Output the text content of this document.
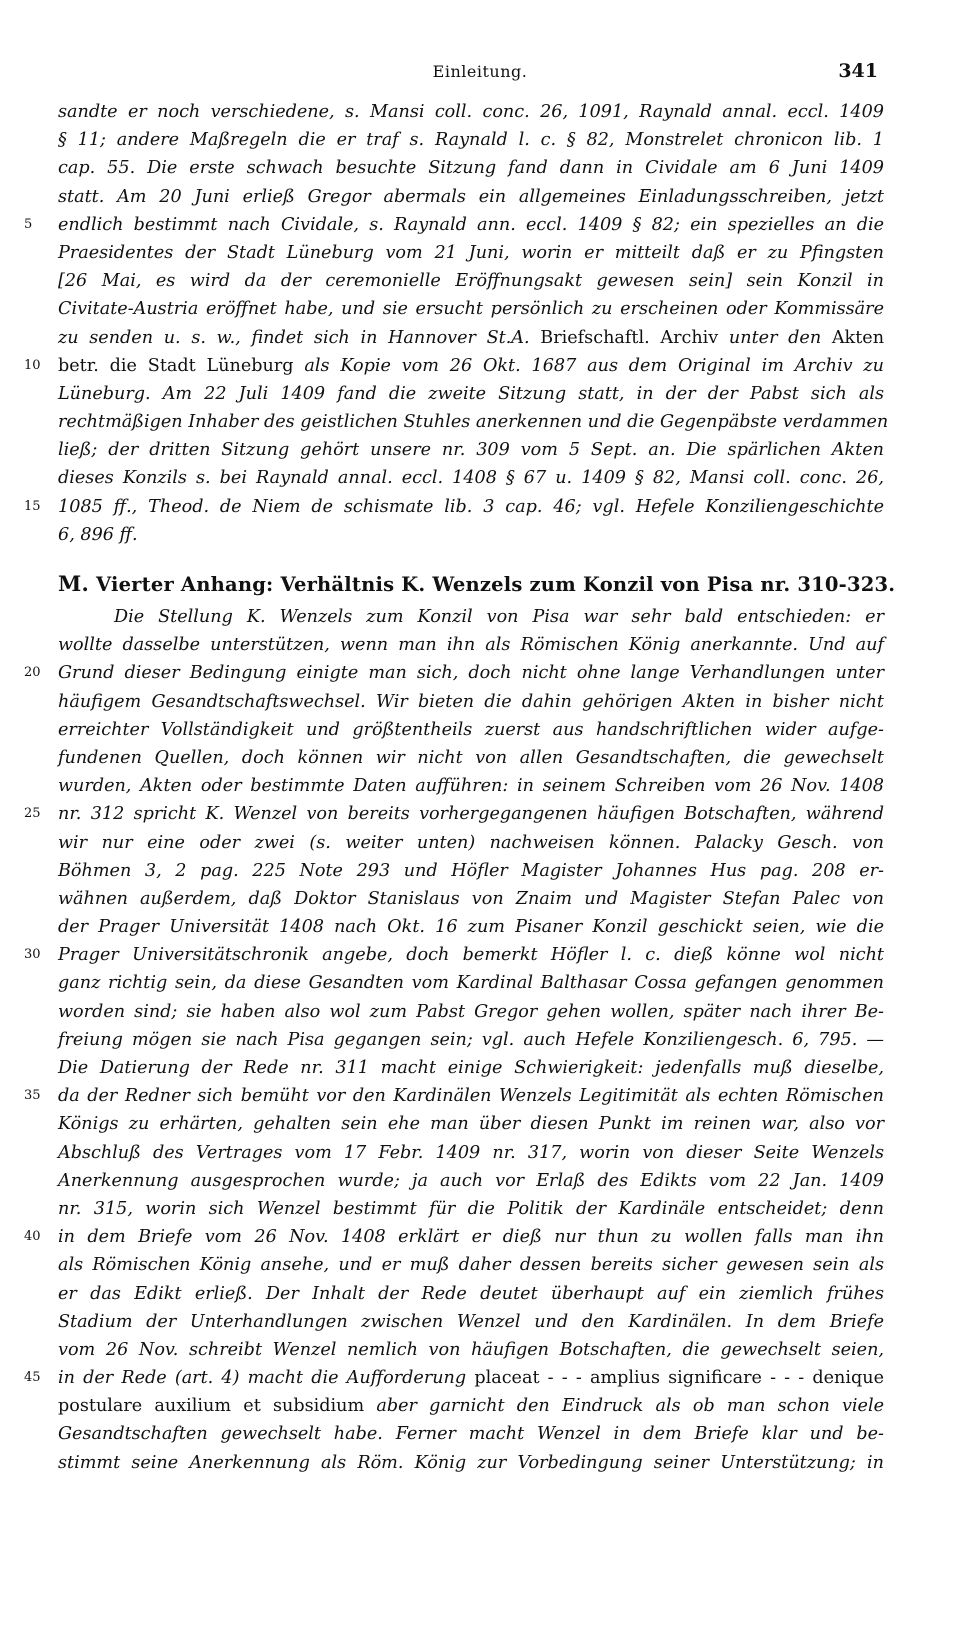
Einleitung.	341
sandte er noch verschiedene, s. Mansi coll. conc. 26, 1091, Raynald annal. eccl. 1409
§ 11; andere Maßregeln die er traf s. Raynald l. c. § 82, Monstrelet chronicon lib. 1
cap. 55. Die erste schwach besuchte Sitzung fand dann in Cividale am 6 Juni 1409
statt. Am 20 Juni erließ Gregor abermals ein allgemeines Einladungsschreiben, jetzt
5	endlich bestimmt nach Cividale, s. Raynald ann. eccl. 1409 § 82; ein spezielles an die
Praesidentes der Stadt Lüneburg vom 21 Juni, worin er mitteilt daß er zu Pfingsten
[26 Mai, es wird da der ceremonielle Eröffnungsakt gewesen sein] sein Konzil in
Civitate-Austria eröffnet habe, und sie ersucht persönlich zu erscheinen oder Kommissäre
zu senden u. s. w., findet sich in Hannover St.A. Briefschaftl. Archiv unter den Akten
10 betr. die Stadt Lüneburg als Kopie vom 26 Okt. 1687 aus dem Original im Archiv zu
Lüneburg. Am 22 Juli 1409 fand die zweite Sitzung statt, in der der Pabst sich als
rechtmäßigen Inhaber des geistlichen Stuhles anerkennen und die Gegenpäbste verdammen
ließ; der dritten Sitzung gehört unsere nr. 309 vom 5 Sept. an. Die spärlichen Akten
dieses Konzils s. bei Raynald annal. eccl. 1408 § 67 u. 1409 § 82, Mansi coll. conc. 26,
15 1085 ff., Theod. de Niem de schismate lib. 3 cap. 46; vgl. Hefele Konziliengeschichte
6, 896 ff.
M. Vierter Anhang: Verhältnis K. Wenzels zum Konzil von Pisa nr. 310-323.
Die Stellung K. Wenzels zum Konzil von Pisa war sehr bald entschieden: er
wollte dasselbe unterstützen, wenn man ihn als Römischen König anerkannte. Und auf
20 Grund dieser Bedingung einigte man sich, doch nicht ohne lange Verhandlungen unter
häufigem Gesandtschaftswechsel. Wir bieten die dahin gehörigen Akten in bisher nicht
erreichter Vollständigkeit und größtentheils zuerst aus handschriftlichen wider aufge-
fundenen Quellen, doch können wir nicht von allen Gesandtschaften, die gewechselt
wurden, Akten oder bestimmte Daten aufführen: in seinem Schreiben vom 26 Nov. 1408
25 nr. 312 spricht K. Wenzel von bereits vorhergegangenen häufigen Botschaften, während
wir nur eine oder zwei (s. weiter unten) nachweisen können. Palacky Gesch. von
Böhmen 3, 2 pag. 225 Note 293 und Höfler Magister Johannes Hus pag. 208 er-
wähnen außerdem, daß Doktor Stanislaus von Znaim und Magister Stefan Palec von
der Prager Universität 1408 nach Okt. 16 zum Pisaner Konzil geschickt seien, wie die
30 Prager Universitätschronik angebe, doch bemerkt Höfler l. c. dieß könne wol nicht
ganz richtig sein, da diese Gesandten vom Kardinal Balthasar Cossa gefangen genommen
worden sind; sie haben also wol zum Pabst Gregor gehen wollen, später nach ihrer Be-
freiung mögen sie nach Pisa gegangen sein; vgl. auch Hefele Konziliengesch. 6, 795. —
Die Datierung der Rede nr. 311 macht einige Schwierigkeit: jedenfalls muß dieselbe,
35 da der Redner sich bemüht vor den Kardinälen Wenzels Legitimität als echten Römischen
Königs zu erhärten, gehalten sein ehe man über diesen Punkt im reinen war, also vor
Abschluß des Vertrages vom 17 Febr. 1409 nr. 317, worin von dieser Seite Wenzels
Anerkennung ausgesprochen wurde; ja auch vor Erlaß des Edikts vom 22 Jan. 1409
nr. 315, worin sich Wenzel bestimmt für die Politik der Kardinäle entscheidet; denn
40 in dem Briefe vom 26 Nov. 1408 erklärt er dieß nur thun zu wollen falls man ihn
als Römischen König ansehe, und er muß daher dessen bereits sicher gewesen sein als
er das Edikt erließ. Der Inhalt der Rede deutet überhaupt auf ein ziemlich frühes
Stadium der Unterhandlungen zwischen Wenzel und den Kardinälen. In dem Briefe
vom 26 Nov. schreibt Wenzel nemlich von häufigen Botschaften, die gewechselt seien,
45 in der Rede (art. 4) macht die Aufforderung placeat - - - amplius significare - - - denique
postulare auxilium et subsidium aber garnicht den Eindruck als ob man schon viele
Gesandtschaften gewechselt habe. Ferner macht Wenzel in dem Briefe klar und be-
stimmt seine Anerkennung als Röm. König zur Vorbedingung seiner Unterstützung; in
